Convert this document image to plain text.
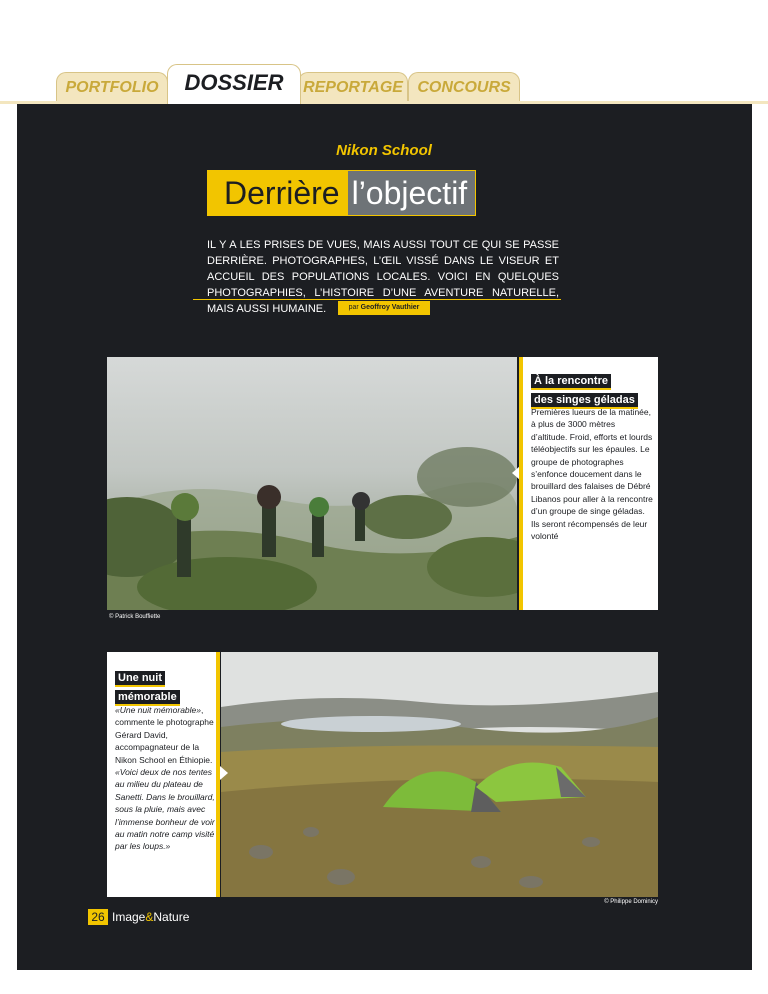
PORTFOLIO	DOSSIER	REPORTAGE CONCOURS
Nikon School
Derrière l’objectif
IL Y A LES PRISES DE VUES, MAIS AUSSI TOUT CE QUI SE PASSE DERRIÈRE. PHOTOGRAPHES, L’ŒIL VISSÉ DANS LE VISEUR ET ACCUEIL DES POPULATIONS LOCALES. VOICI EN QUELQUES PHOTOGRAPHIES, L’HISTOIRE D’UNE AVENTURE NATURELLE, MAIS AUSSI HUMAINE.	par Geoffroy Vauthier
À la rencontre
des singes géladas
Premières lueurs de la matinée, à plus de 3000 mètres d’altitude. Froid, efforts et lourds téléobjectifs sur les épaules. Le groupe de photographes s’enfonce doucement dans le brouillard des falaises de Débré Libanos pour aller à la rencontre d’un groupe de singe géladas. Ils seront récompensés de leur volonté
© Patrick Bouffiette
Une nuit
mémorable
«Une nuit mémorable», commente le photographe Gérard David, accompagnateur de la Nikon School en Éthiopie. «Voici deux de nos tentes au milieu du plateau de Sanetti. Dans le brouillard, sous la pluie, mais avec l’immense bonheur de voir au matin notre camp visité par les loups.»
© Philippe Dominicy
26 Image&Nature
